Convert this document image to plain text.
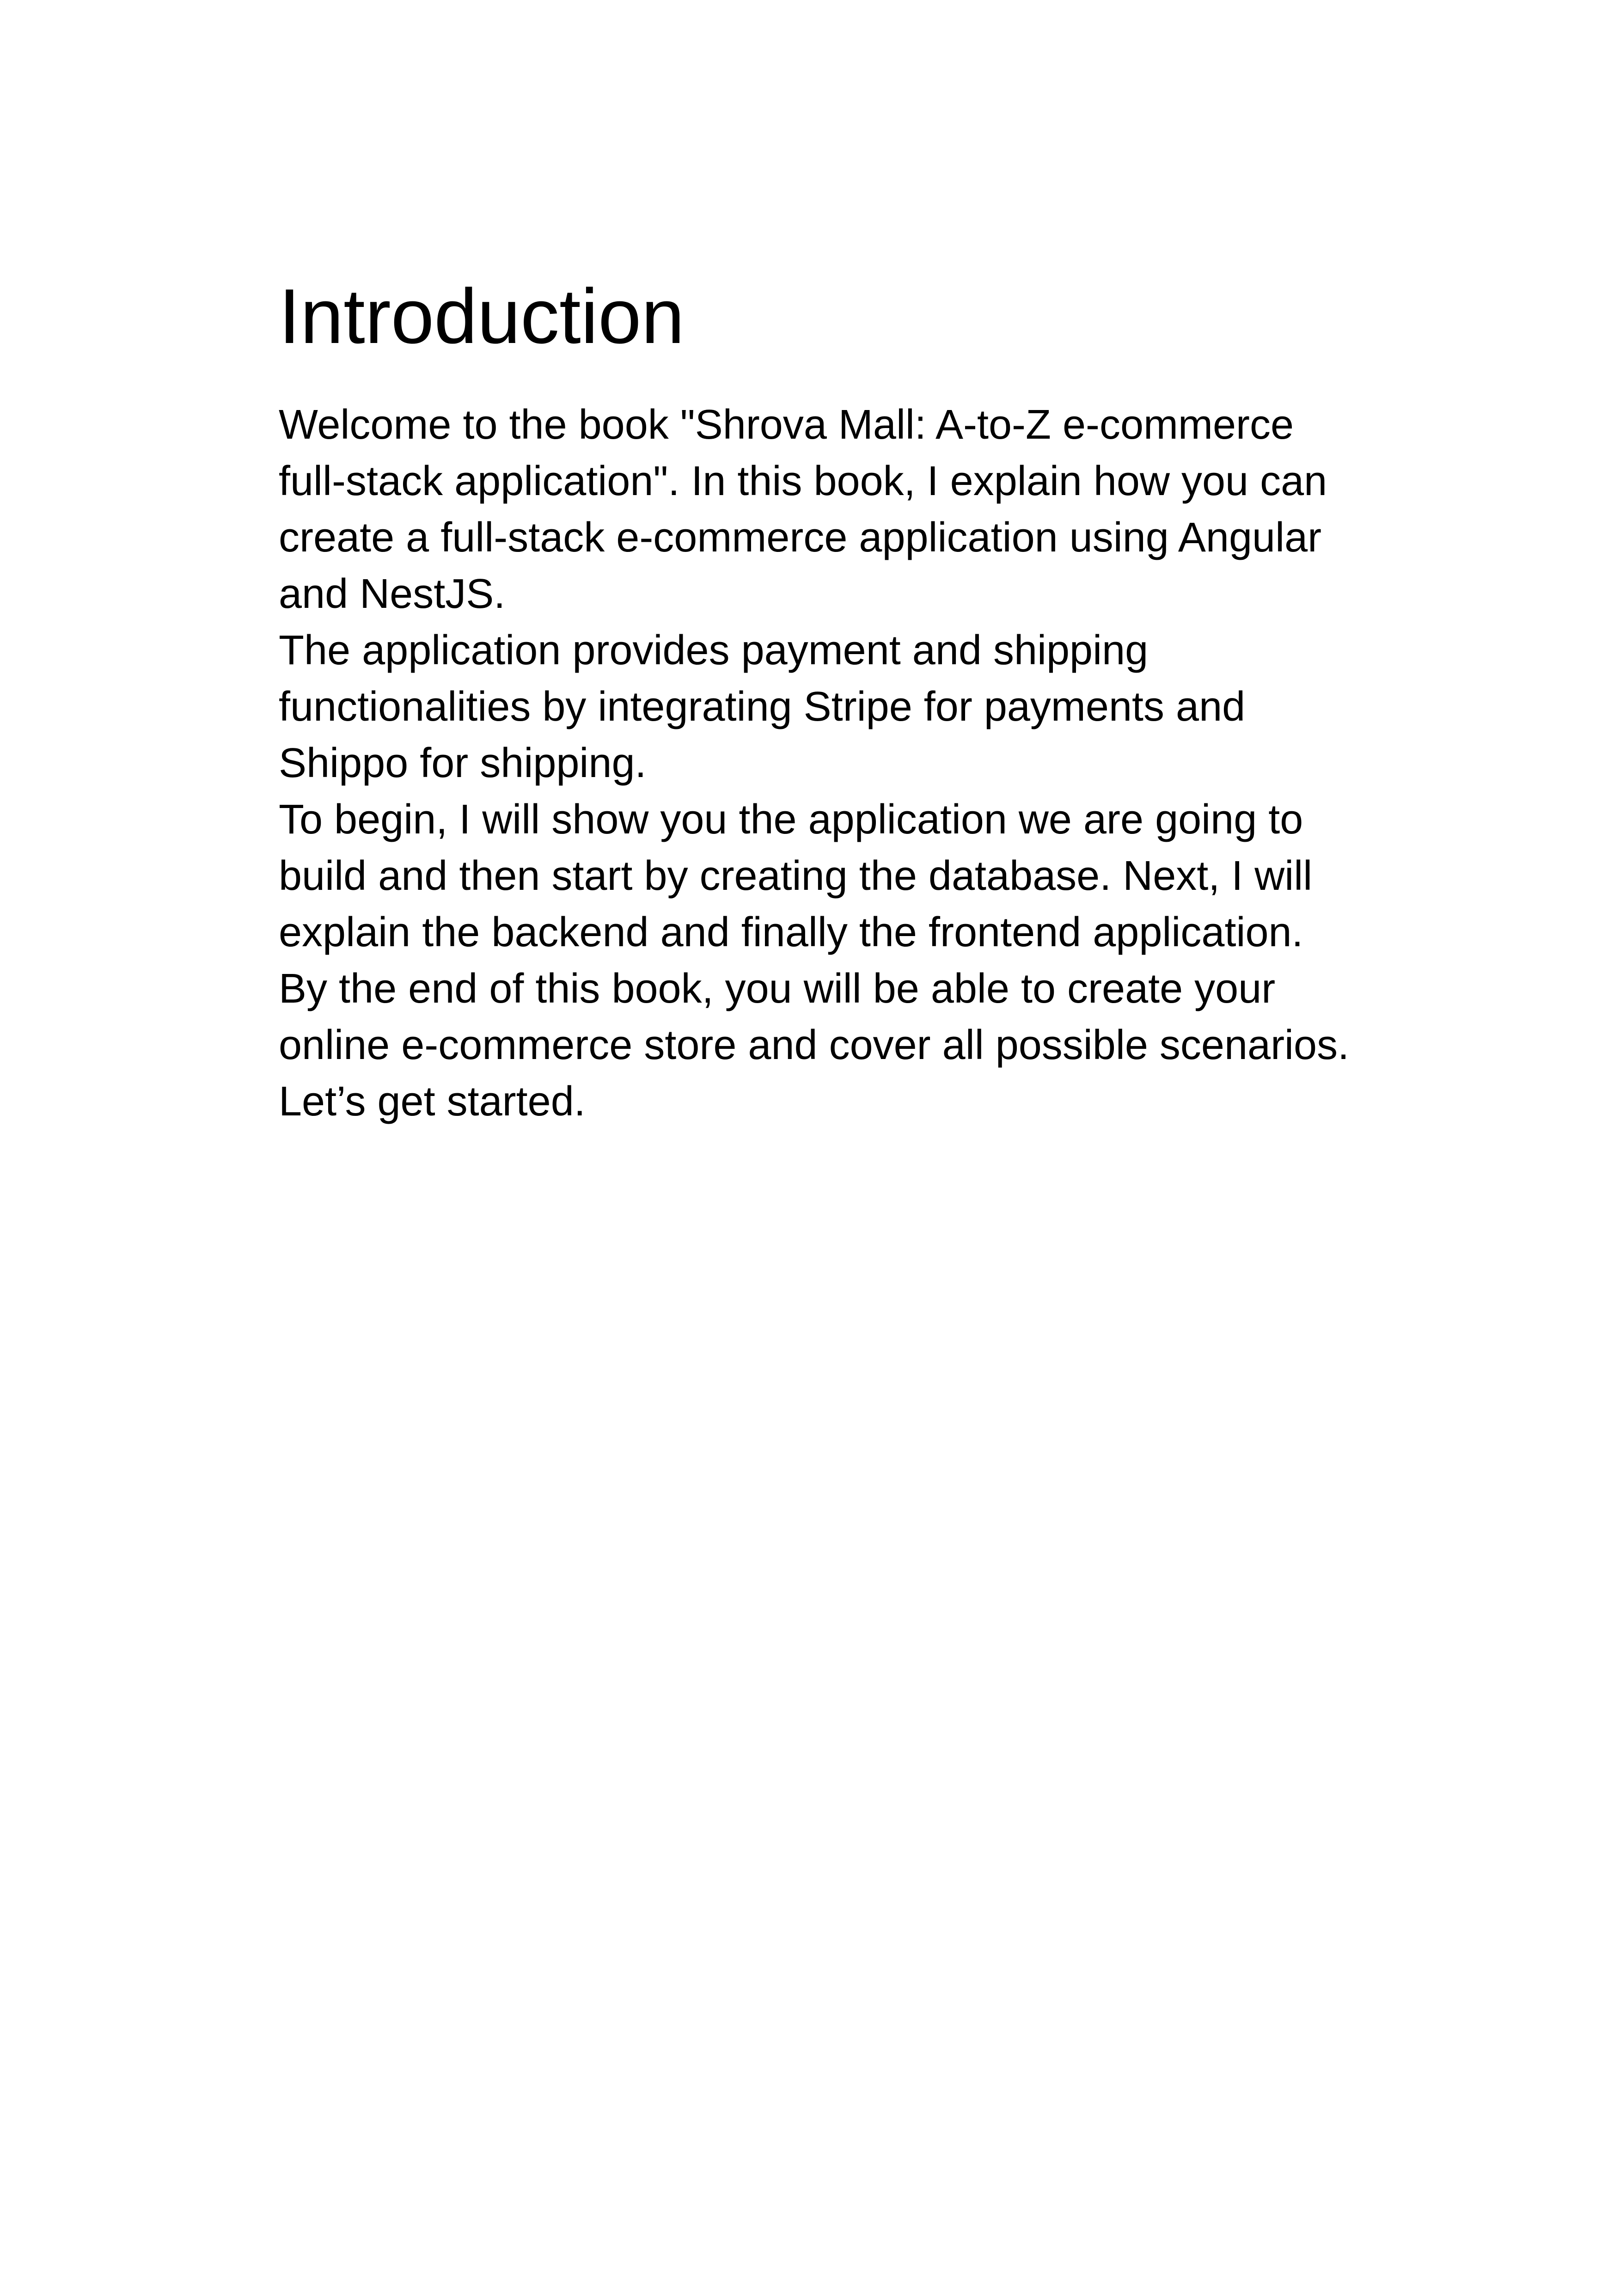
Introduction

Welcome to the book "Shrova Mall: A-to-Z e-commerce full-stack application". In this book, I explain how you can create a full-stack e-commerce application using Angular and NestJS.

The application provides payment and shipping functionalities by integrating Stripe for payments and Shippo for shipping.

To begin, I will show you the application we are going to build and then start by creating the database. Next, I will explain the backend and finally the frontend application.

By the end of this book, you will be able to create your online e-commerce store and cover all possible scenarios.

Let’s get started.
